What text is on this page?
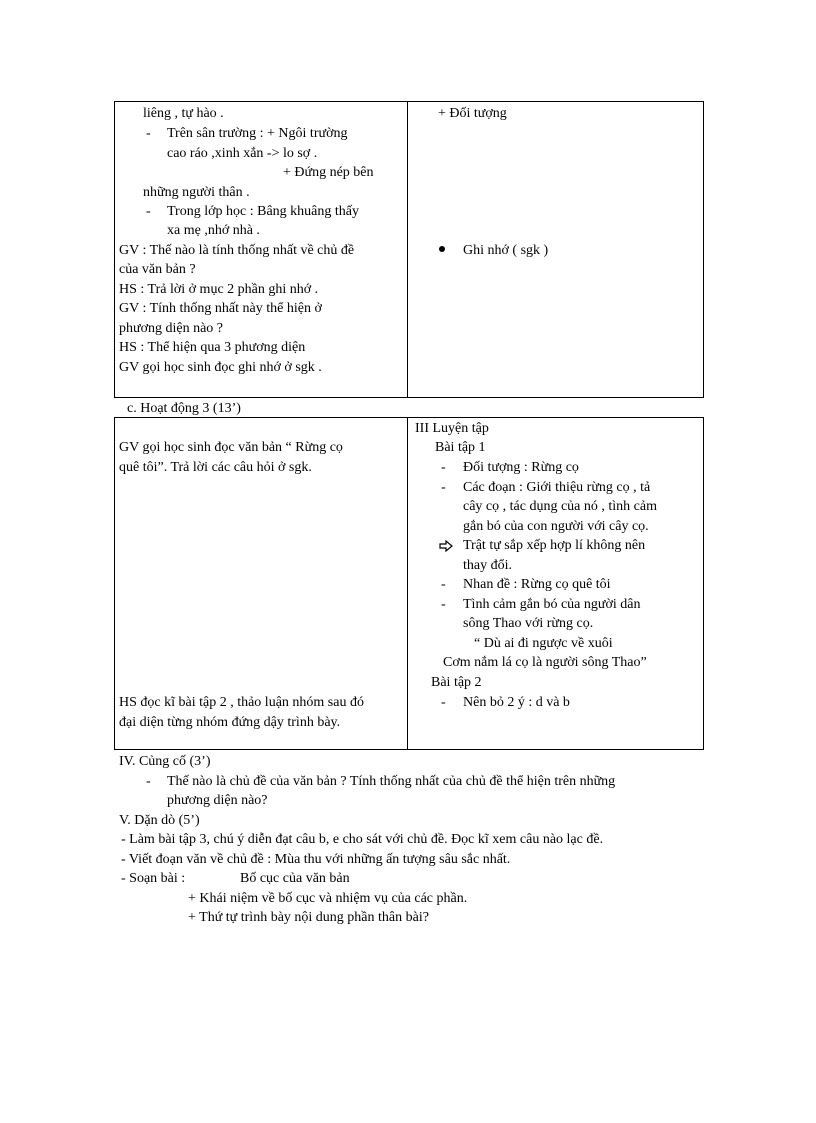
liêng , tự hào .
- Trên sân trường : + Ngôi trường
cao ráo ,xinh xắn -> lo sợ .
+ Đứng nép bên
những người thân .
- Trong lớp học : Bâng khuâng thấy
xa mẹ ,nhớ nhà .
GV : Thế nào là tính thống nhất về chủ đề
của văn bản ?
HS : Trả lời ở mục 2 phần ghi nhớ .
GV : Tính thống nhất này thể hiện ở
phương diện nào ?
HS : Thể hiện qua 3 phương diện
GV gọi học sinh đọc ghi nhớ ở sgk .
+ Đối tượng
Ghi nhớ ( sgk )
c. Hoạt động 3 (13’)
GV gọi học sinh đọc văn bản “ Rừng cọ
quê tôi”. Trả lời các câu hỏi ở sgk.
HS đọc kĩ bài tập 2 , thảo luận nhóm sau đó
đại diện từng nhóm đứng dậy trình bày.
III Luyện tập
Bài tập 1
- Đối tượng : Rừng cọ
- Các đoạn : Giới thiệu rừng cọ , tả
cây cọ , tác dụng của nó , tình cảm
gắn bó của con người với cây cọ.
Trật tự sắp xếp hợp lí không nên
thay đổi.
- Nhan đề : Rừng cọ quê tôi
- Tình cảm gắn bó của người dân
sông Thao với rừng cọ.
“ Dù ai đi ngược về xuôi
Cơm nắm lá cọ là người sông Thao”
Bài tập 2
- Nên bỏ 2 ý : d và b
IV. Củng cố (3’)
- Thế nào là chủ đề của văn bản ? Tính thống nhất của chủ đề thể hiện trên những
phương diện nào?
V. Dặn dò (5’)
- Làm bài tập 3, chú ý diễn đạt câu b, e cho sát với chủ đề. Đọc kĩ xem câu nào lạc đề.
- Viết đoạn văn về chủ đề : Mùa thu với những ấn tượng sâu sắc nhất.
- Soạn bài :	Bố cục của văn bản
+ Khái niệm về bố cục và nhiệm vụ của các phần.
+ Thứ tự trình bày nội dung phần thân bài?
